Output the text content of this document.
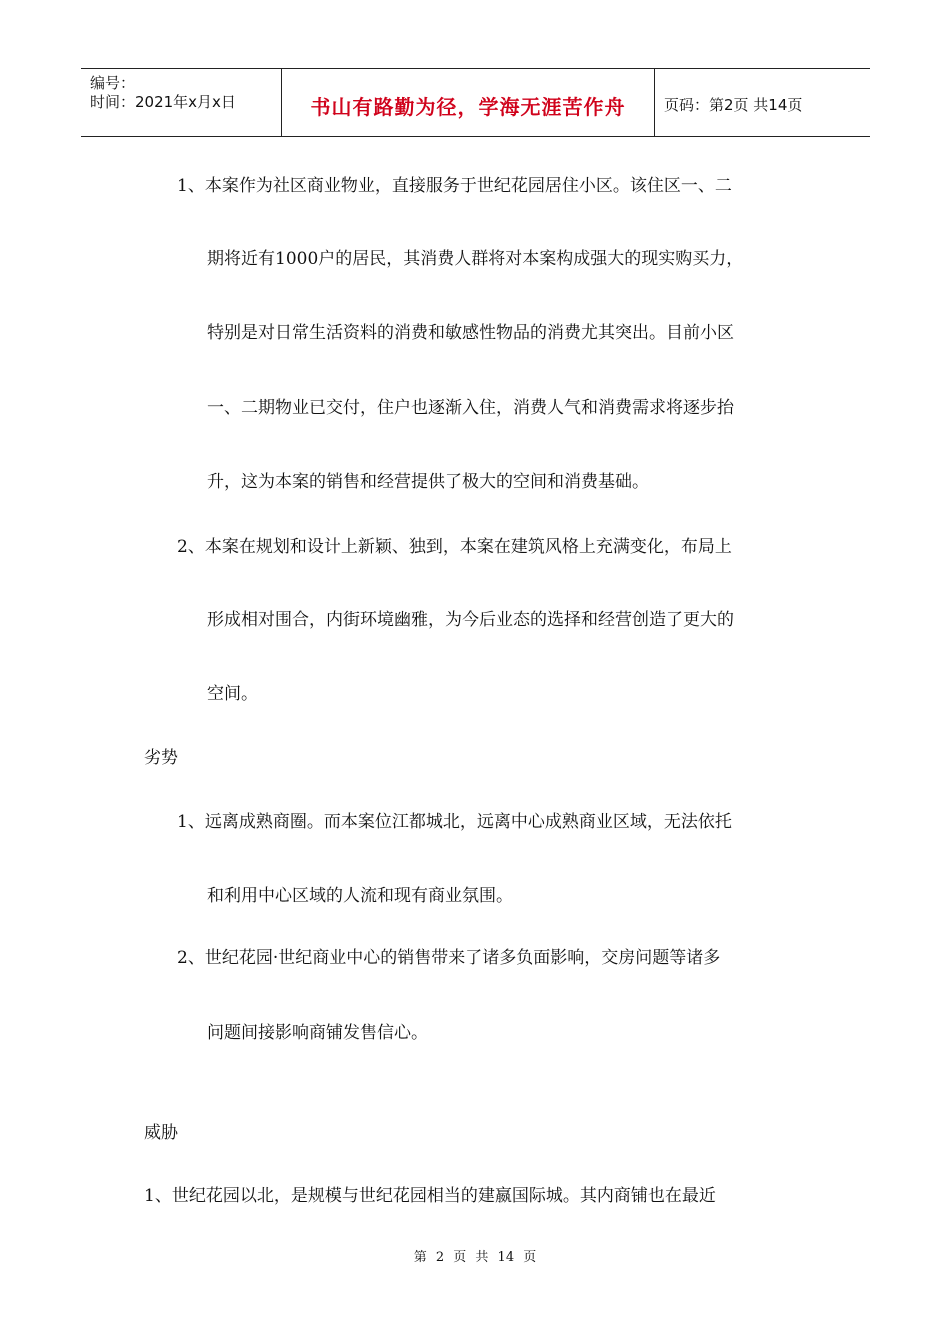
编号：
时间：2021年x月x日	书山有路勤为径，学海无涯苦作舟	页码：第2页 共14页
1、本案作为社区商业物业，直接服务于世纪花园居住小区。该住区一、二
期将近有1000户的居民，其消费人群将对本案构成强大的现实购买力，
特别是对日常生活资料的消费和敏感性物品的消费尤其突出。目前小区
一、二期物业已交付，住户也逐渐入住，消费人气和消费需求将逐步抬
升，这为本案的销售和经营提供了极大的空间和消费基础。
2、本案在规划和设计上新颖、独到，本案在建筑风格上充满变化，布局上
形成相对围合，内街环境幽雅，为今后业态的选择和经营创造了更大的
空间。
劣势
1、远离成熟商圈。而本案位江都城北，远离中心成熟商业区域，无法依托
和利用中心区域的人流和现有商业氛围。
2、世纪花园·世纪商业中心的销售带来了诸多负面影响，交房问题等诸多
问题间接影响商铺发售信心。
威胁
1、世纪花园以北，是规模与世纪花园相当的建嬴国际城。其内商铺也在最近
第 2 页 共 14 页
